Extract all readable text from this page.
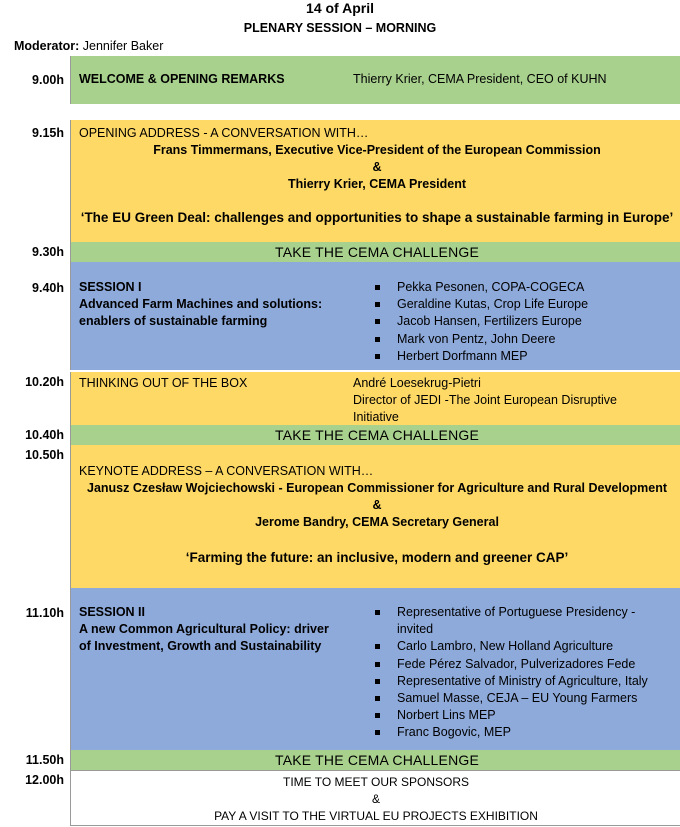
14 of April
PLENARY SESSION – MORNING
Moderator: Jennifer Baker
WELCOME & OPENING REMARKS	Thierry Krier, CEMA President, CEO of KUHN
9.00h
OPENING ADDRESS - A CONVERSATION WITH…
Frans Timmermans, Executive Vice-President of the European Commission
&
Thierry Krier, CEMA President
‘The EU Green Deal: challenges and opportunities to shape a sustainable farming in Europe’
9.15h
TAKE THE CEMA CHALLENGE
9.30h
SESSION I
Advanced Farm Machines and solutions:
enablers of sustainable farming
Pekka Pesonen, COPA-COGECA
Geraldine Kutas, Crop Life Europe
Jacob Hansen, Fertilizers Europe
Mark von Pentz, John Deere
Herbert Dorfmann MEP
9.40h
THINKING OUT OF THE BOX	André Loesekrug-Pietri
Director of JEDI -The Joint European Disruptive
Initiative
10.20h
TAKE THE CEMA CHALLENGE
10.40h
10.50h
KEYNOTE ADDRESS – A CONVERSATION WITH…
Janusz Czesław Wojciechowski - European Commissioner for Agriculture and Rural Development
&
Jerome Bandry, CEMA Secretary General
‘Farming the future: an inclusive, modern and greener CAP’
SESSION II
A new Common Agricultural Policy: driver
of Investment, Growth and Sustainability
Representative of Portuguese Presidency -
invited
Carlo Lambro, New Holland Agriculture
Fede Pérez Salvador, Pulverizadores Fede
Representative of Ministry of Agriculture, Italy
Samuel Masse, CEJA – EU Young Farmers
Norbert Lins MEP
Franc Bogovic, MEP
11.10h
TAKE THE CEMA CHALLENGE
11.50h
TIME TO MEET OUR SPONSORS
&
PAY A VISIT TO THE VIRTUAL EU PROJECTS EXHIBITION
12.00h
